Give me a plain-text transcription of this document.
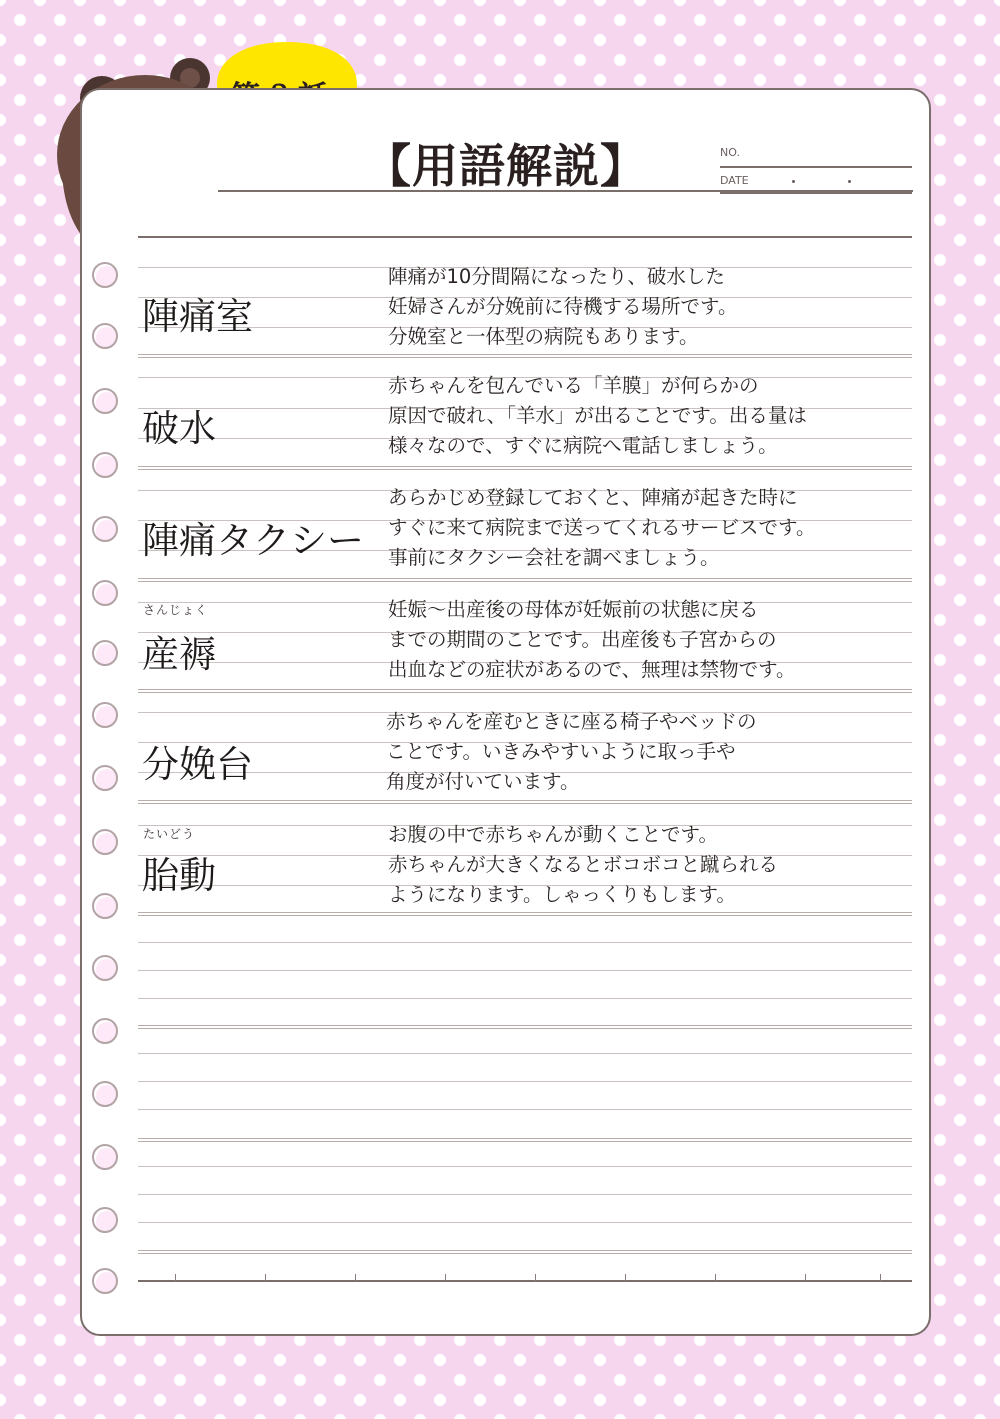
【用語解説】	NO.
DATE
陣痛室
陣痛が10分間隔になったり、破水した
妊婦さんが分娩前に待機する場所です。
分娩室と一体型の病院もあります。
破水
赤ちゃんを包んでいる「羊膜」が何らかの
原因で破れ、「羊水」が出ることです。出る量は
様々なので、すぐに病院へ電話しましょう。
陣痛タクシー
あらかじめ登録しておくと、陣痛が起きた時に
すぐに来て病院まで送ってくれるサービスです。
事前にタクシー会社を調べましょう。
さんじょく
産褥
妊娠～出産後の母体が妊娠前の状態に戻る
までの期間のことです。出産後も子宮からの
出血などの症状があるので、無理は禁物です。
分娩台
赤ちゃんを産むときに座る椅子やベッドの
ことです。いきみやすいように取っ手や
角度が付いています。
たいどう
胎動
お腹の中で赤ちゃんが動くことです。
赤ちゃんが大きくなるとボコボコと蹴られる
ようになります。しゃっくりもします。
